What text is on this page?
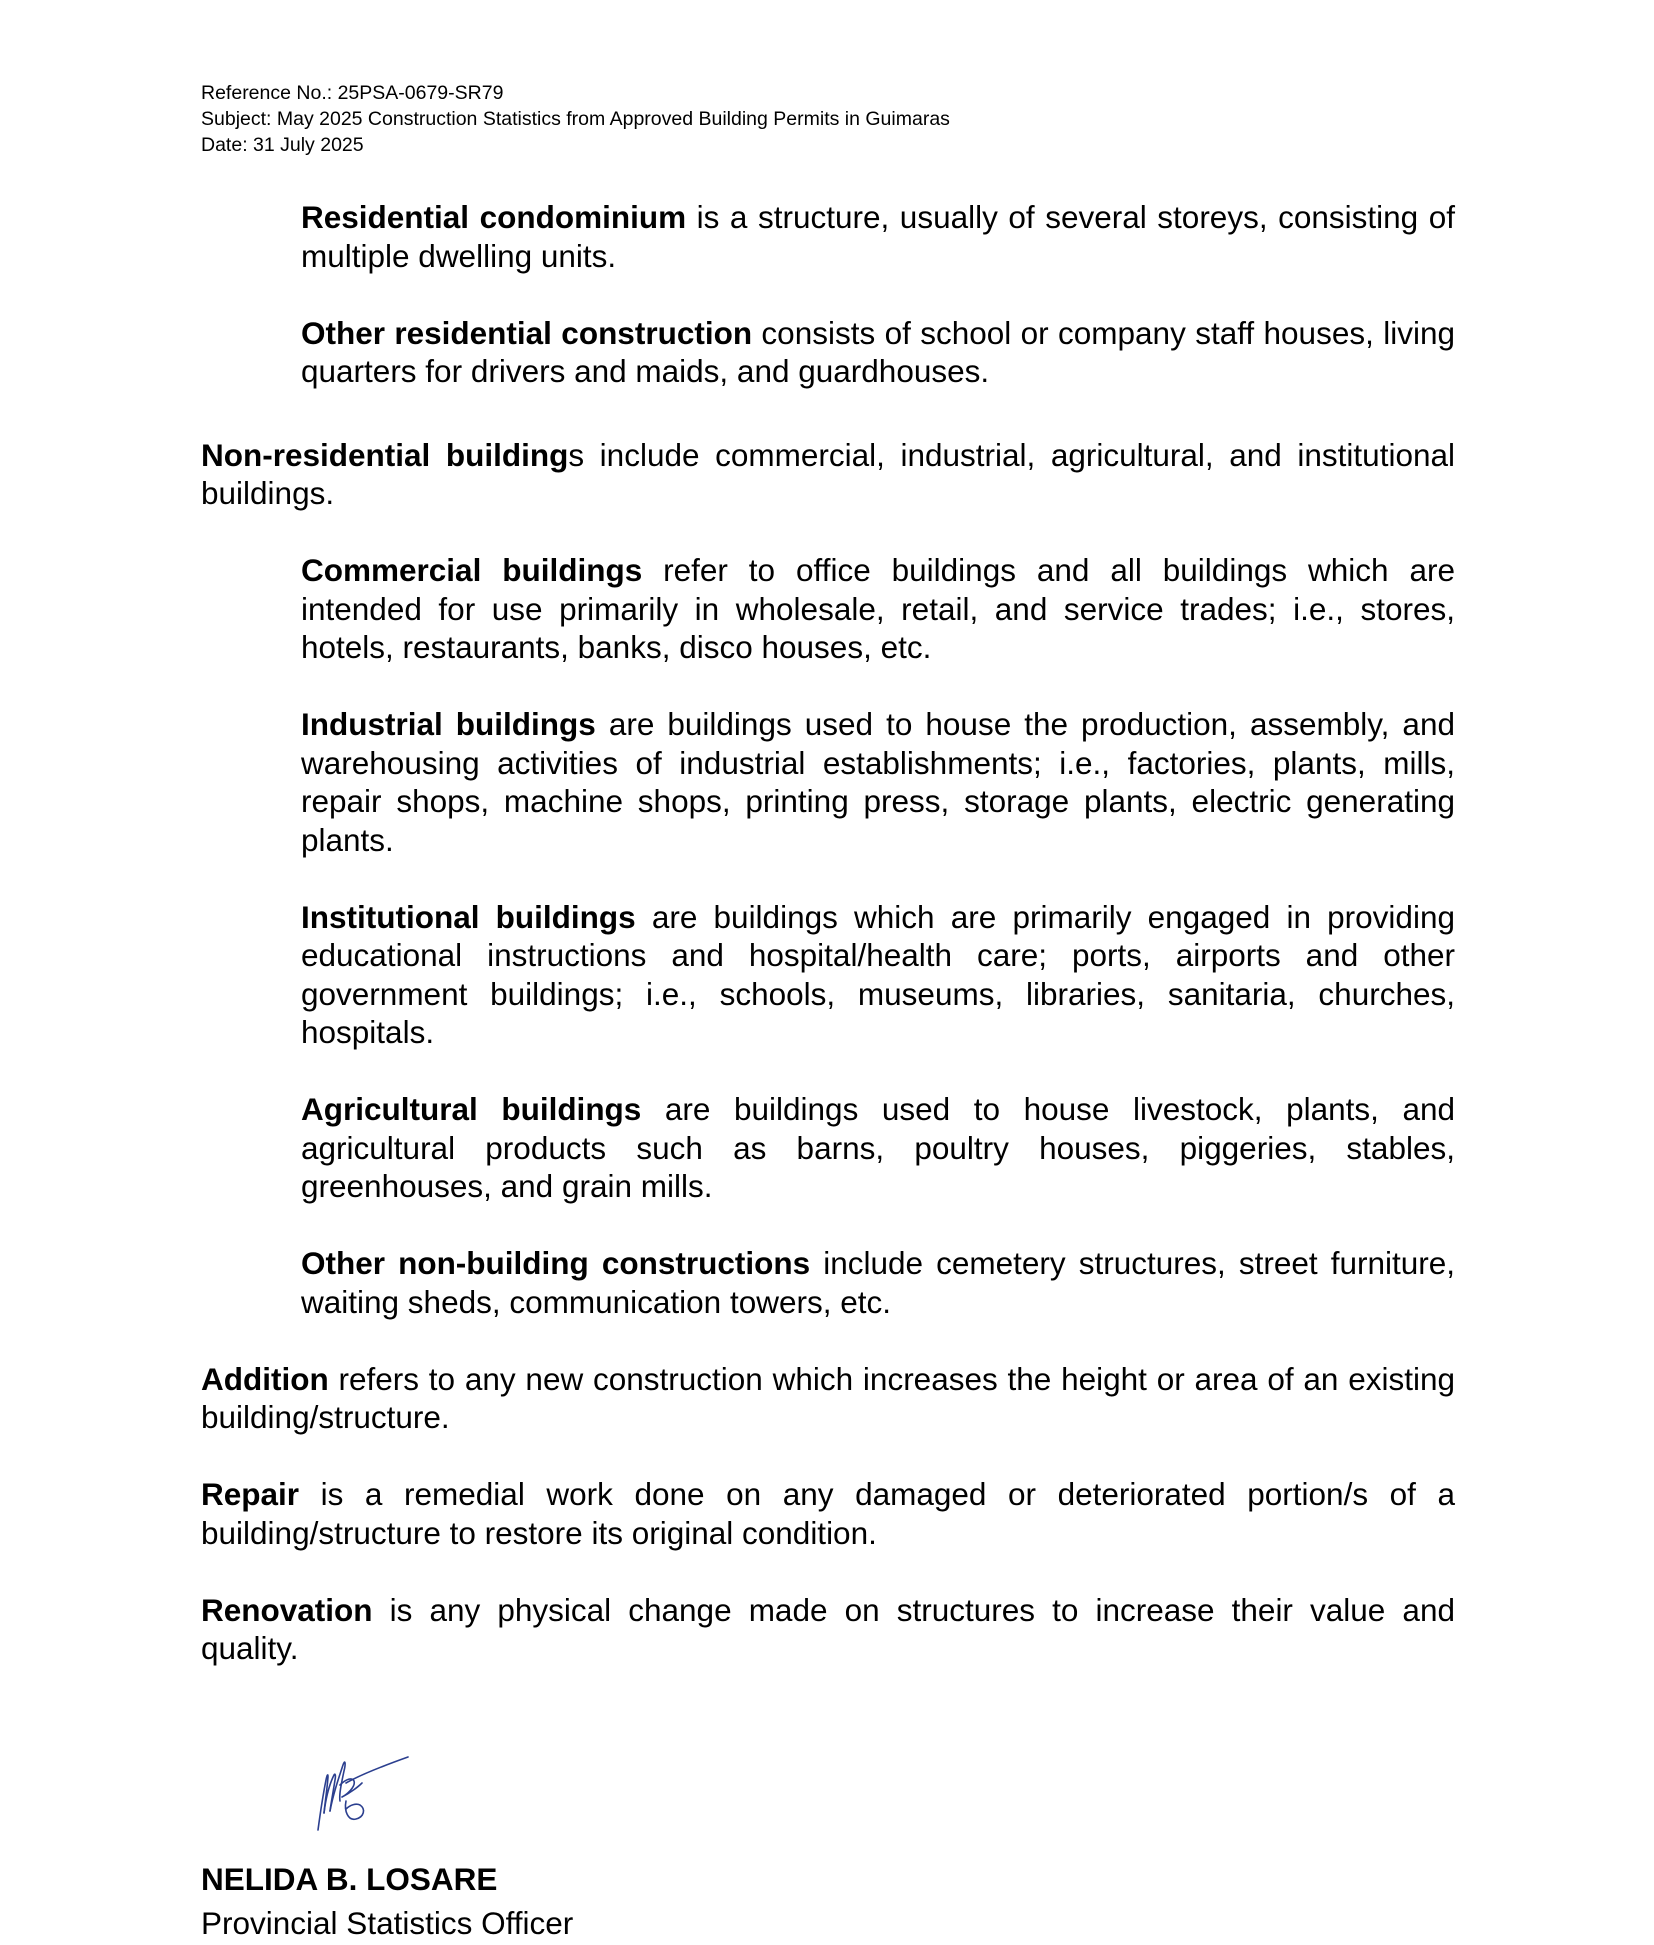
Reference No.: 25PSA-0679-SR79
Subject: May 2025 Construction Statistics from Approved Building Permits in Guimaras
Date: 31 July 2025

Residential condominium is a structure, usually of several storeys, consisting of multiple dwelling units.

Other residential construction consists of school or company staff houses, living quarters for drivers and maids, and guardhouses.

Non-residential buildings include commercial, industrial, agricultural, and institutional buildings.

Commercial buildings refer to office buildings and all buildings which are intended for use primarily in wholesale, retail, and service trades; i.e., stores, hotels, restaurants, banks, disco houses, etc.

Industrial buildings are buildings used to house the production, assembly, and warehousing activities of industrial establishments; i.e., factories, plants, mills, repair shops, machine shops, printing press, storage plants, electric generating plants.

Institutional buildings are buildings which are primarily engaged in providing educational instructions and hospital/health care; ports, airports and other government buildings; i.e., schools, museums, libraries, sanitaria, churches, hospitals.

Agricultural buildings are buildings used to house livestock, plants, and agricultural products such as barns, poultry houses, piggeries, stables, greenhouses, and grain mills.

Other non-building constructions include cemetery structures, street furniture, waiting sheds, communication towers, etc.

Addition refers to any new construction which increases the height or area of an existing building/structure.

Repair is a remedial work done on any damaged or deteriorated portion/s of a building/structure to restore its original condition.

Renovation is any physical change made on structures to increase their value and quality.

NELIDA B. LOSARE
Provincial Statistics Officer
